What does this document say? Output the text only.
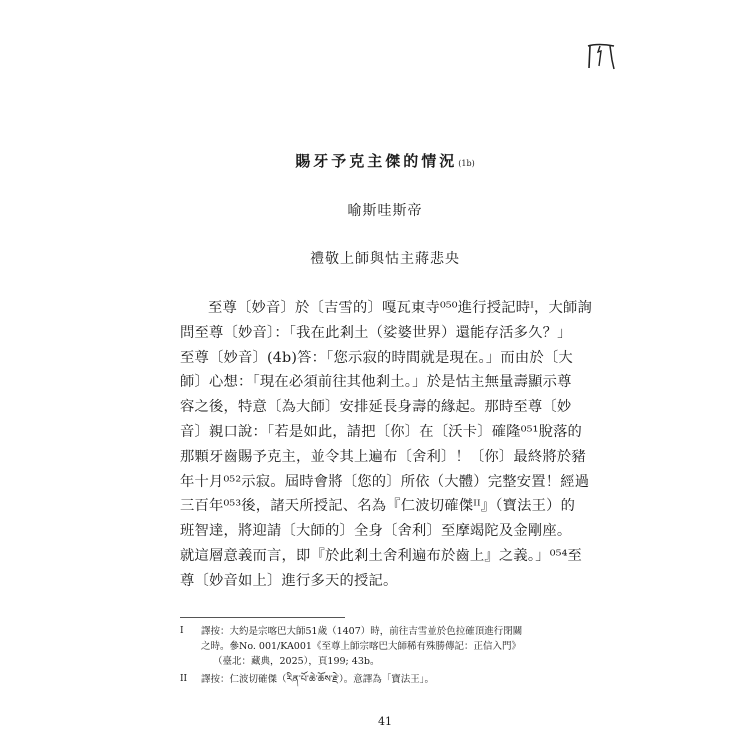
賜牙予克主傑的情況(1b)
喻斯哇斯帝
禮敬上師與怙主蔣悲央
至尊〔妙音〕於〔吉雪的〕嘎瓦東寺⁰⁵⁰進行授記時ᴵ，大師詢
問至尊〔妙音〕：「我在此剎土（娑婆世界）還能存活多久？」
至尊〔妙音〕(4b)答：「您示寂的時間就是現在。」而由於〔大
師〕心想：「現在必須前往其他剎土。」於是怙主無量壽顯示尊
容之後，特意〔為大師〕安排延長身壽的緣起。那時至尊〔妙
音〕親口說：「若是如此，請把〔你〕在〔沃卡〕確隆⁰⁵¹脫落的
那顆牙齒賜予克主，並令其上遍布〔舍利〕！〔你〕最終將於豬
年十月⁰⁵²示寂。屆時會將〔您的〕所依（大體）完整安置！經過
三百年⁰⁵³後，諸天所授記、名為『仁波切確傑ᴵᴵ』（寶法王）的
班智達，將迎請〔大師的〕全身〔舍利〕至摩竭陀及金剛座。
就這層意義而言，即『於此剎土舍利遍布於齒上』之義。」⁰⁵⁴至
尊〔妙音如上〕進行多天的授記。
I 譯按：大約是宗喀巴大師51歲（1407）時，前往吉雪並於色拉確頂進行閉關
之時。參No. 001/KA001《至尊上師宗喀巴大師稀有殊勝傳記：正信入門》
（臺北：藏典，2025），頁199; 43b。
II 譯按：仁波切確傑（རིན་པོ་ཆེ་ཆོས་རྗེ་）。意譯為「寶法王」。
41
